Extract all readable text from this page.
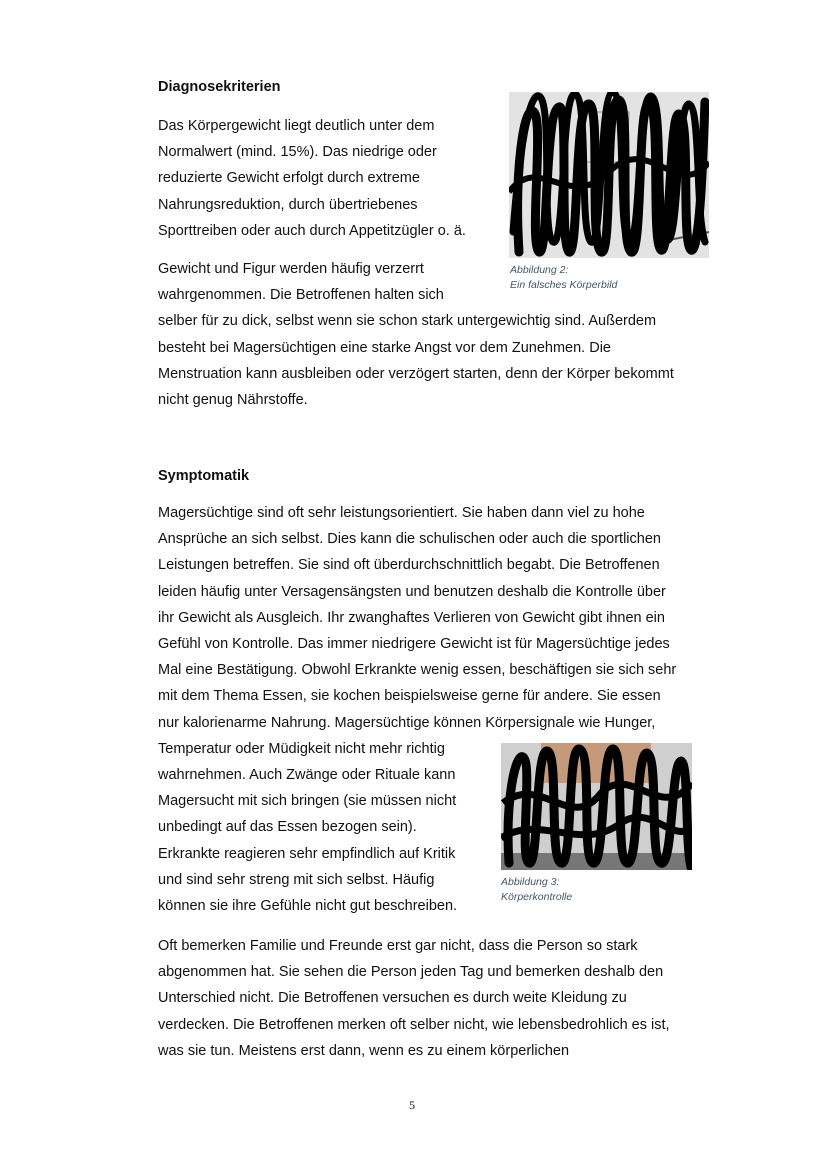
Diagnosekriterien
Das Körpergewicht liegt deutlich unter dem
Normalwert (mind. 15%). Das niedrige oder
reduzierte Gewicht erfolgt durch extreme
Nahrungsreduktion, durch übertriebenes
Sporttreiben oder auch durch Appetitzügler o. ä.
Gewicht und Figur werden häufig verzerrt
wahrgenommen. Die Betroffenen halten sich
selber für zu dick, selbst wenn sie schon stark untergewichtig sind. Außerdem
besteht bei Magersüchtigen eine starke Angst vor dem Zunehmen. Die
Menstruation kann ausbleiben oder verzögert starten, denn der Körper bekommt
nicht genug Nährstoffe.
Abbildung 2:
Ein falsches Körperbild
Symptomatik
Magersüchtige sind oft sehr leistungsorientiert. Sie haben dann viel zu hohe
Ansprüche an sich selbst. Dies kann die schulischen oder auch die sportlichen
Leistungen betreffen. Sie sind oft überdurchschnittlich begabt. Die Betroffenen
leiden häufig unter Versagensängsten und benutzen deshalb die Kontrolle über
ihr Gewicht als Ausgleich. Ihr zwanghaftes Verlieren von Gewicht gibt ihnen ein
Gefühl von Kontrolle. Das immer niedrigere Gewicht ist für Magersüchtige jedes
Mal eine Bestätigung. Obwohl Erkrankte wenig essen, beschäftigen sie sich sehr
mit dem Thema Essen, sie kochen beispielsweise gerne für andere. Sie essen
nur kalorienarme Nahrung. Magersüchtige können Körpersignale wie Hunger,
Temperatur oder Müdigkeit nicht mehr richtig
wahrnehmen. Auch Zwänge oder Rituale kann
Magersucht mit sich bringen (sie müssen nicht
unbedingt auf das Essen bezogen sein).
Erkrankte reagieren sehr empfindlich auf Kritik
und sind sehr streng mit sich selbst. Häufig
können sie ihre Gefühle nicht gut beschreiben.
Abbildung 3:
Körperkontrolle
Oft bemerken Familie und Freunde erst gar nicht, dass die Person so stark
abgenommen hat. Sie sehen die Person jeden Tag und bemerken deshalb den
Unterschied nicht. Die Betroffenen versuchen es durch weite Kleidung zu
verdecken. Die Betroffenen merken oft selber nicht, wie lebensbedrohlich es ist,
was sie tun. Meistens erst dann, wenn es zu einem körperlichen
5
